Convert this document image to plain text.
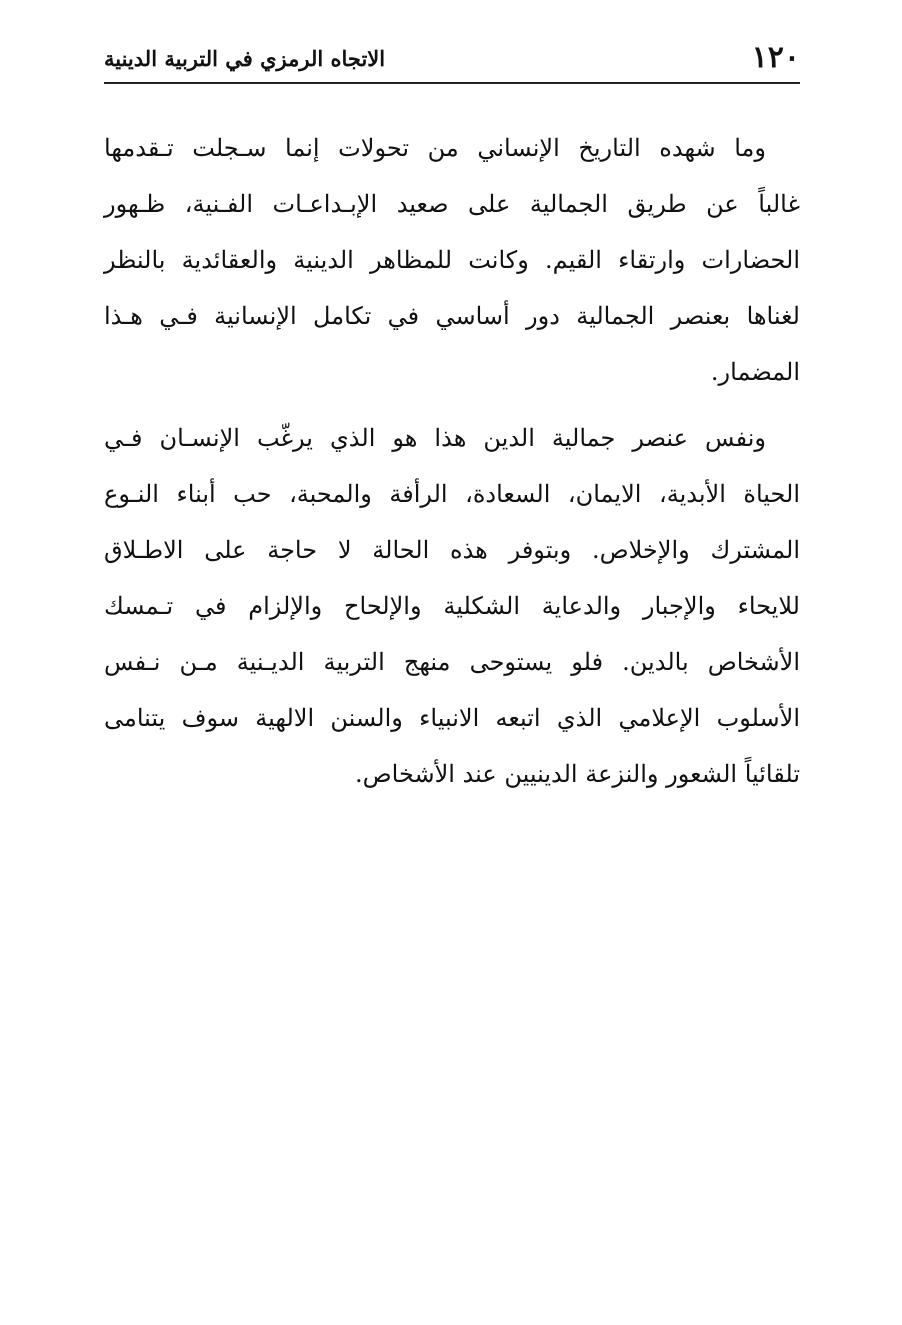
١٢٠
الاتجاه الرمزي في التربية الدينية
وما شهده التاريخ الإنساني من تحولات إنما سـجلت تـقدمها
غالباً عن طريق الجمالية على صعيد الإبـداعـات الفـنية، ظـهور
الحضارات وارتقاء القيم. وكانت للمظاهر الدينية والعقائدية بالنظر
لغناها بعنصر الجمالية دور أساسي في تكامل الإنسانية فـي هـذا
المضمار.
ونفس عنصر جمالية الدين هذا هو الذي يرغّب الإنسـان فـي
الحياة الأبدية، الايمان، السعادة، الرأفة والمحبة، حب أبناء النـوع
المشترك والإخلاص. وبتوفر هذه الحالة لا حاجة على الاطـلاق
للايحاء والإجبار والدعاية الشكلية والإلحاح والإلزام في تـمسك
الأشخاص بالدين. فلو يستوحى منهج التربية الديـنية مـن نـفس
الأسلوب الإعلامي الذي اتبعه الانبياء والسنن الالهية سوف يتنامى
تلقائياً الشعور والنزعة الدينيين عند الأشخاص.
